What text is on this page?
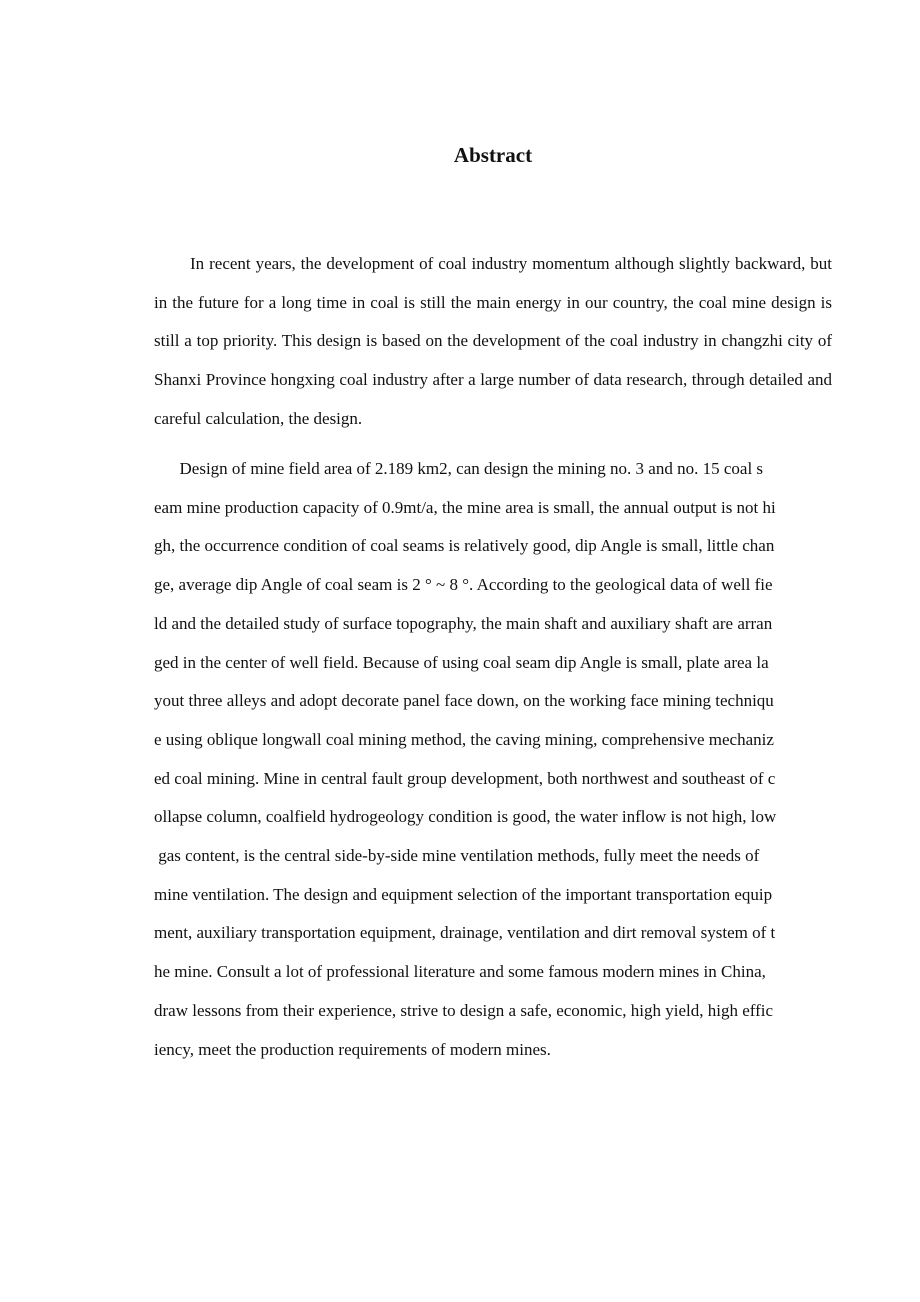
Abstract

In recent years, the development of coal industry momentum although slightly backward, but in the future for a long time in coal is still the main energy in our country, the coal mine design is still a top priority. This design is based on the development of the coal industry in changzhi city of Shanxi Province hongxing coal industry after a large number of data research, through detailed and careful calculation, the design.

Design of mine field area of 2.189 km2, can design the mining no. 3 and no. 15 coal s
eam mine production capacity of 0.9mt/a, the mine area is small, the annual output is not hi
gh, the occurrence condition of coal seams is relatively good, dip Angle is small, little chan
ge, average dip Angle of coal seam is 2 ° ~ 8 °. According to the geological data of well fie
ld and the detailed study of surface topography, the main shaft and auxiliary shaft are arran
ged in the center of well field. Because of using coal seam dip Angle is small, plate area la
yout three alleys and adopt decorate panel face down, on the working face mining techniqu
e using oblique longwall coal mining method, the caving mining, comprehensive mechaniz
ed coal mining. Mine in central fault group development, both northwest and southeast of c
ollapse column, coalfield hydrogeology condition is good, the water inflow is not high, low
gas content, is the central side-by-side mine ventilation methods, fully meet the needs of
mine ventilation. The design and equipment selection of the important transportation equip
ment, auxiliary transportation equipment, drainage, ventilation and dirt removal system of t
he mine. Consult a lot of professional literature and some famous modern mines in China,
draw lessons from their experience, strive to design a safe, economic, high yield, high effic
iency, meet the production requirements of modern mines.
